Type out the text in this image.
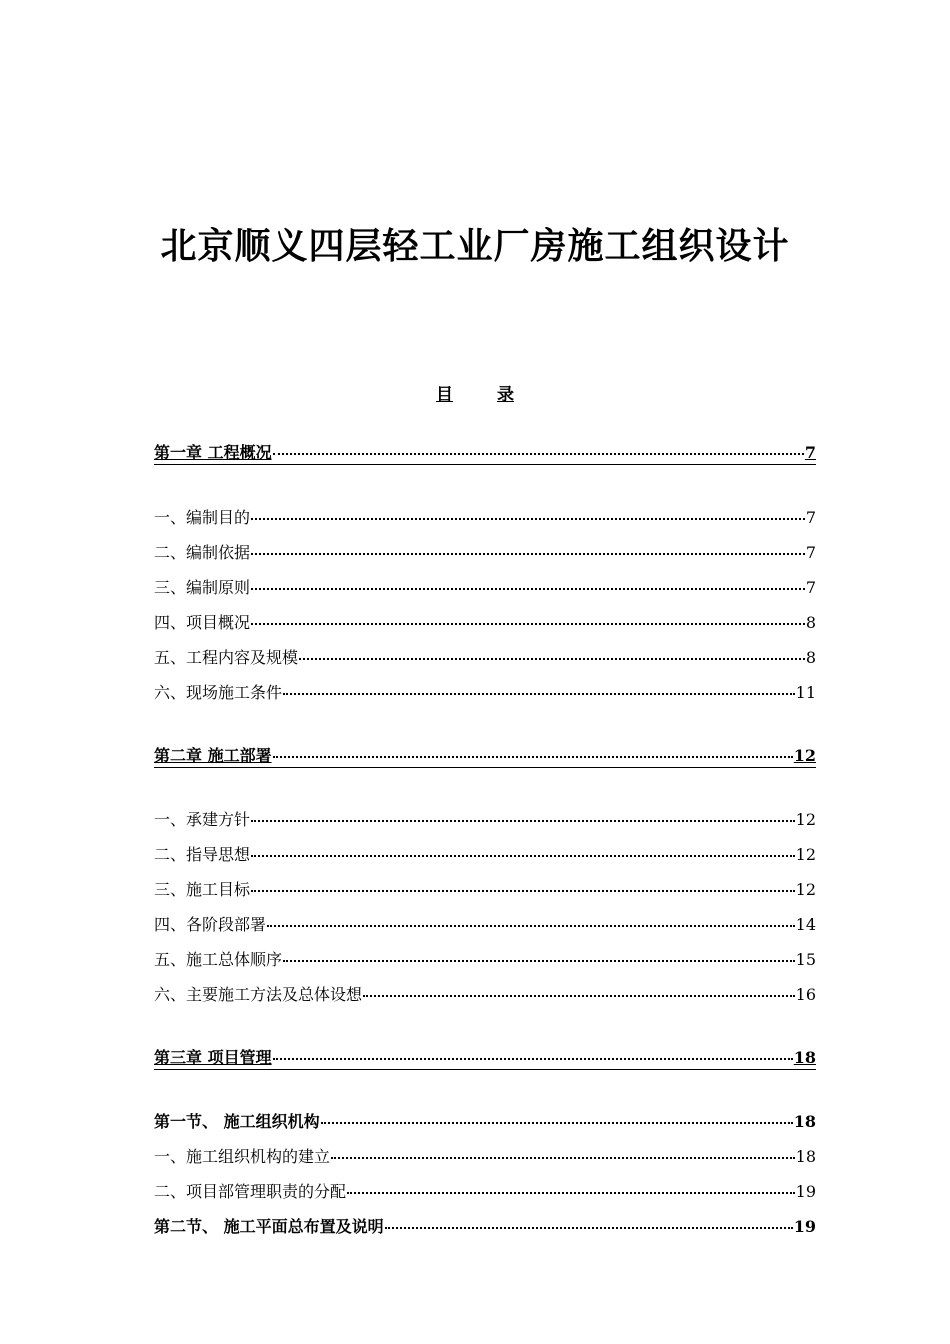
北京顺义四层轻工业厂房施工组织设计
目	录
第一章 工程概况	7
一、编制目的	7
二、编制依据	7
三、编制原则	7
四、项目概况	8
五、工程内容及规模	8
六、现场施工条件	11
第二章 施工部署	12
一、承建方针	12
二、指导思想	12
三、施工目标	12
四、各阶段部署	14
五、施工总体顺序	15
六、主要施工方法及总体设想	16
第三章 项目管理	18
第一节、 施工组织机构	18
一、施工组织机构的建立	18
二、项目部管理职责的分配	19
第二节、 施工平面总布置及说明	19
